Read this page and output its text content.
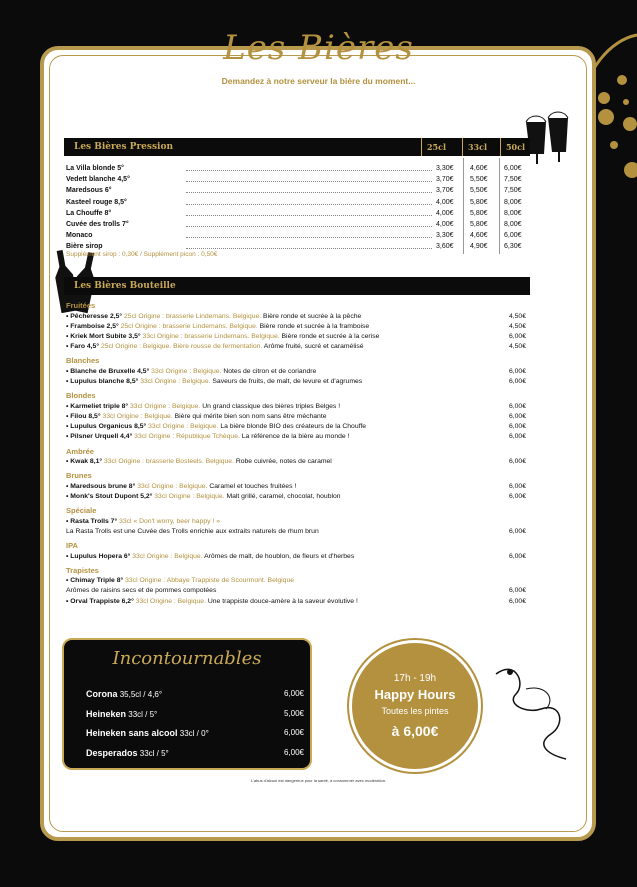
Les Bières
Demandez à notre serveur la bière du moment...
Les Bières Pression	25cl	33cl	50cl
La Villa blonde 5°	3,30€ 4,60€ 6,00€
Vedett blanche 4,5°	3,70€ 5,50€ 7,50€
Maredsous 6°	3,70€ 5,50€ 7,50€
Kasteel rouge 8,5°	4,00€ 5,80€ 8,00€
La Chouffe 8°	4,00€ 5,80€ 8,00€
Cuvée des trolls 7°	4,00€ 5,80€ 8,00€
Monaco	3,30€ 4,60€ 6,00€
Bière sirop	3,60€ 4,90€ 6,30€
Supplément sirop : 0,30€ / Supplément picon : 0,50€
Les Bières Bouteille
Fruitées
• Pêcheresse 2,5° 25cl Origine : brasserie Lindemans. Belgique. Bière ronde et sucrée à la pêche	4,50€
• Framboise 2,5° 25cl Origine : brasserie Lindemans. Belgique. Bière ronde et sucrée à la framboise	4,50€
• Kriek Mort Subite 3,5° 33cl Origine : brasserie Lindemans. Belgique. Bière ronde et sucrée à la cerise	6,00€
• Faro 4,5° 25cl Origine : Belgique. Bière rousse de fermentation. Arôme fruité, sucré et caramélisé	4,50€
Blanches
• Blanche de Bruxelle 4,5° 33cl Origine : Belgique. Notes de citron et de coriandre	6,00€
• Lupulus blanche 8,5° 33cl Origine : Belgique. Saveurs de fruits, de malt, de levure et d'agrumes	6,00€
Blondes
• Karmeliet triple 8° 33cl Origine : Belgique. Un grand classique des bières triples Belges !	6,00€
• Filou 8,5° 33cl Origine : Belgique. Bière qui mérite bien son nom sans être méchante	6,00€
• Lupulus Organicus 8,5° 33cl Origine : Belgique. La bière blonde BIO des créateurs de la Chouffe	6,00€
• Pilsner Urquell 4,4° 33cl Origine : République Tchèque. La référence de la bière au monde !	6,00€
Ambrée
• Kwak 8,1° 33cl Origine : brasserie Bosteels. Belgique. Robe cuivrée, notes de caramel	6,00€
Brunes
• Maredsous brune 8° 33cl Origine : Belgique. Caramel et touches fruitées !	6,00€
• Monk's Stout Dupont 5,2° 33cl Origine : Belgique. Malt grillé, caramel, chocolat, houblon	6,00€
Spéciale
• Rasta Trolls 7° 33cl « Don't worry, beer happy ! »
La Rasta Trolls est une Cuvée des Trolls enrichie aux extraits naturels de rhum brun	6,00€
IPA
• Lupulus Hopera 6° 33cl Origine : Belgique. Arômes de malt, de houblon, de fleurs et d'herbes	6,00€
Trapistes
• Chimay Triple 8° 33cl Origine : Abbaye Trappiste de Scourmont. Belgique
Arômes de raisins secs et de pommes compotées	6,00€
• Orval Trappiste 6,2° 33cl Origine : Belgique. Une trappiste douce-amère à la saveur évolutive !	6,00€
Incontournables
Corona 35,5cl / 4,6°	6,00€
Heineken 33cl / 5°	5,00€
Heineken sans alcool 33cl / 0°	6,00€
Desperados 33cl / 5°	6,00€
17h - 19h
Happy Hours
Toutes les pintes
à 6,00€
L'abus d'alcool est dangereux pour la santé, à consommer avec modération.
